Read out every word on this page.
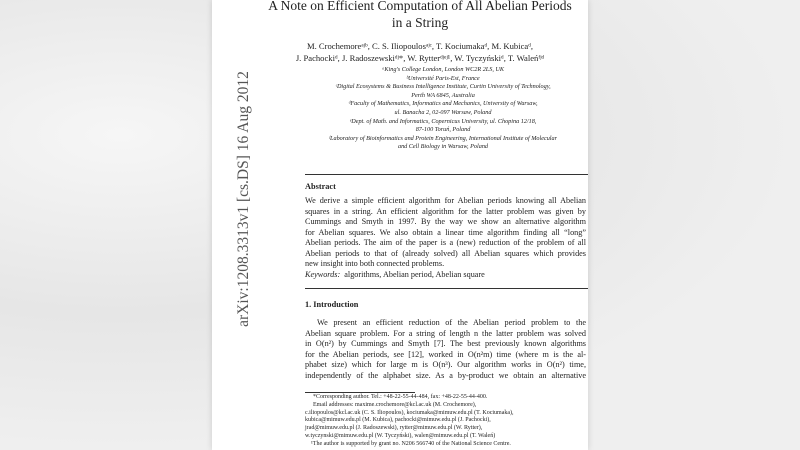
arXiv:1208.3313v1 [cs.DS] 16 Aug 2012
A Note on Efficient Computation of All Abelian Periods
in a String
M. Crochemoreᵃʲᵇ, C. S. Iliopoulosᵃʲᶜ, T. Kociumakaᵈ, M. Kubicaᵈ,
J. Pachockiᵈ, J. Radoszewskiᵈʲ*, W. Rytterᵈʲᵉʲ¹, W. Tyczyńskiᵈ, T. Waleńᶠʲᵈ
ᵃKing's College London, London WC2R 2LS, UK
ᵇUniversité Paris-Est, France
ᶜDigital Ecosystems & Business Intelligence Institute, Curtin University of Technology,
Perth WA 6845, Australia
ᵈFaculty of Mathematics, Informatics and Mechanics, University of Warsaw,
ul. Banacha 2, 02-097 Warsaw, Poland
ᵉDept. of Math. and Informatics, Copernicus University, ul. Chopina 12/18,
87-100 Toruń, Poland
ᶠLaboratory of Bioinformatics and Protein Engineering, International Institute of Molecular
and Cell Biology in Warsaw, Poland
Abstract
We derive a simple efficient algorithm for Abelian periods knowing all Abelian
squares in a string. An efficient algorithm for the latter problem was given by
Cummings and Smyth in 1997. By the way we show an alternative algorithm
for Abelian squares. We also obtain a linear time algorithm finding all “long”
Abelian periods. The aim of the paper is a (new) reduction of the problem of all
Abelian periods to that of (already solved) all Abelian squares which provides
new insight into both connected problems.
Keywords: algorithms, Abelian period, Abelian square
1. Introduction
We present an efficient reduction of the Abelian period problem to the
Abelian square problem. For a string of length n the latter problem was solved
in O(n²) by Cummings and Smyth [7]. The best previously known algorithms
for the Abelian periods, see [12], worked in O(n²m) time (where m is the al-
phabet size) which for large m is O(n³). Our algorithm works in O(n²) time,
independently of the alphabet size. As a by-product we obtain an alternative
*Corresponding author. Tel.: +48-22-55-44-484, fax: +48-22-55-44-400.
Email addresses: maxime.crochemore@kcl.ac.uk (M. Crochemore),
c.iliopoulos@kcl.ac.uk (C. S. Iliopoulos), kociumaka@mimuw.edu.pl (T. Kociumaka),
kubica@mimuw.edu.pl (M. Kubica), pachocki@mimuw.edu.pl (J. Pachocki),
jrad@mimuw.edu.pl (J. Radoszewski), rytter@mimuw.edu.pl (W. Rytter),
w.tyczynski@mimuw.edu.pl (W. Tyczyński), walen@mimuw.edu.pl (T. Waleń)
¹The author is supported by grant no. N206 566740 of the National Science Centre.
